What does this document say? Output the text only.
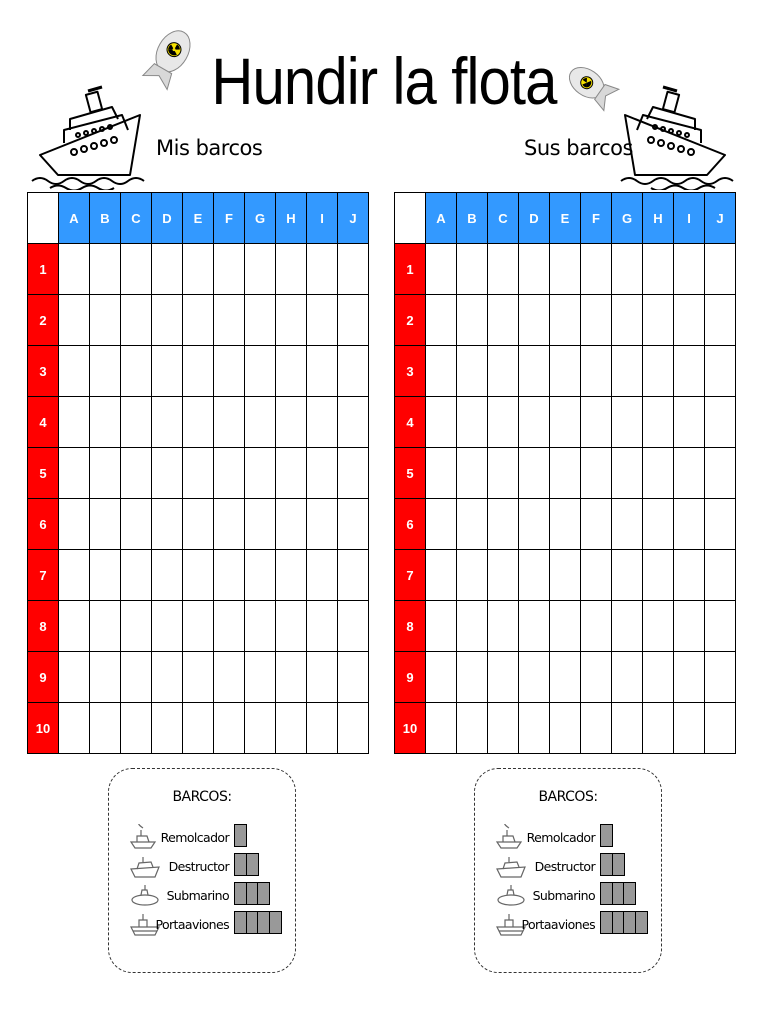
Hundir la flota
Mis barcos	Sus barcos
	A	B	C	D	E	F	G	H	I	J
1										
2										
3										
4										
5										
6										
7										
8										
9										
10										
	A	B	C	D	E	F	G	H	I	J
1										
2										
3										
4										
5										
6										
7										
8										
9										
10										
BARCOS:
Remolcador
Destructor
Submarino
Portaaviones
BARCOS:
Remolcador
Destructor
Submarino
Portaaviones
